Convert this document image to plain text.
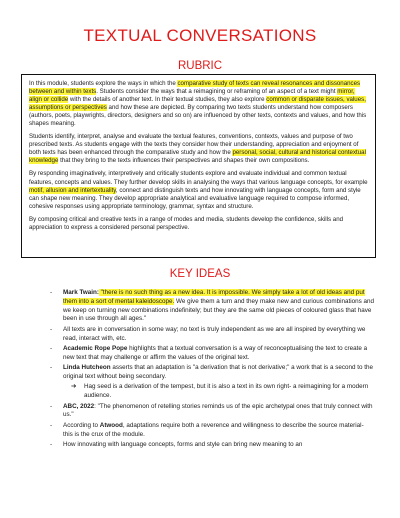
TEXTUAL CONVERSATIONS
RUBRIC

In this module, students explore the ways in which the comparative study of texts can reveal resonances and dissonances between and within texts. Students consider the ways that a reimagining or reframing of an aspect of a text might mirror, align or collide with the details of another text. In their textual studies, they also explore common or disparate issues, values, assumptions or perspectives and how these are depicted. By comparing two texts students understand how composers (authors, poets, playwrights, directors, designers and so on) are influenced by other texts, contexts and values, and how this shapes meaning.

Students identify, interpret, analyse and evaluate the textual features, conventions, contexts, values and purpose of two prescribed texts. As students engage with the texts they consider how their understanding, appreciation and enjoyment of both texts has been enhanced through the comparative study and how the personal, social, cultural and historical contextual knowledge that they bring to the texts influences their perspectives and shapes their own compositions.

By responding imaginatively, interpretively and critically students explore and evaluate individual and common textual features, concepts and values. They further develop skills in analysing the ways that various language concepts, for example motif, allusion and intertextuality, connect and distinguish texts and how innovating with language concepts, form and style can shape new meaning. They develop appropriate analytical and evaluative language required to compose informed, cohesive responses using appropriate terminology, grammar, syntax and structure.

By composing critical and creative texts in a range of modes and media, students develop the confidence, skills and appreciation to express a considered personal perspective.

KEY IDEAS
- Mark Twain: "there is no such thing as a new idea. It is impossible. We simply take a lot of old ideas and put them into a sort of mental kaleidoscope. We give them a turn and they make new and curious combinations and we keep on turning new combinations indefinitely; but they are the same old pieces of coloured glass that have been in use through all ages."
- All texts are in conversation in some way; no text is truly independent as we are all inspired by everything we read, interact with, etc.
- Academic Rope Pope highlights that a textual conversation is a way of reconceptualising the text to create a new text that may challenge or affirm the values of the original text.
- Linda Hutcheon asserts that an adaptation is "a derivation that is not derivative;" a work that is a second to the original text without being secondary.
➔ Hag seed is a derivation of the tempest, but it is also a text in its own right- a reimagining for a modern audience.
- ABC, 2022: "The phenomenon of retelling stories reminds us of the epic archetypal ones that truly connect with us."
- According to Atwood, adaptations require both a reverence and willingness to describe the source material- this is the crux of the module.
- How innovating with language concepts, forms and style can bring new meaning to an
